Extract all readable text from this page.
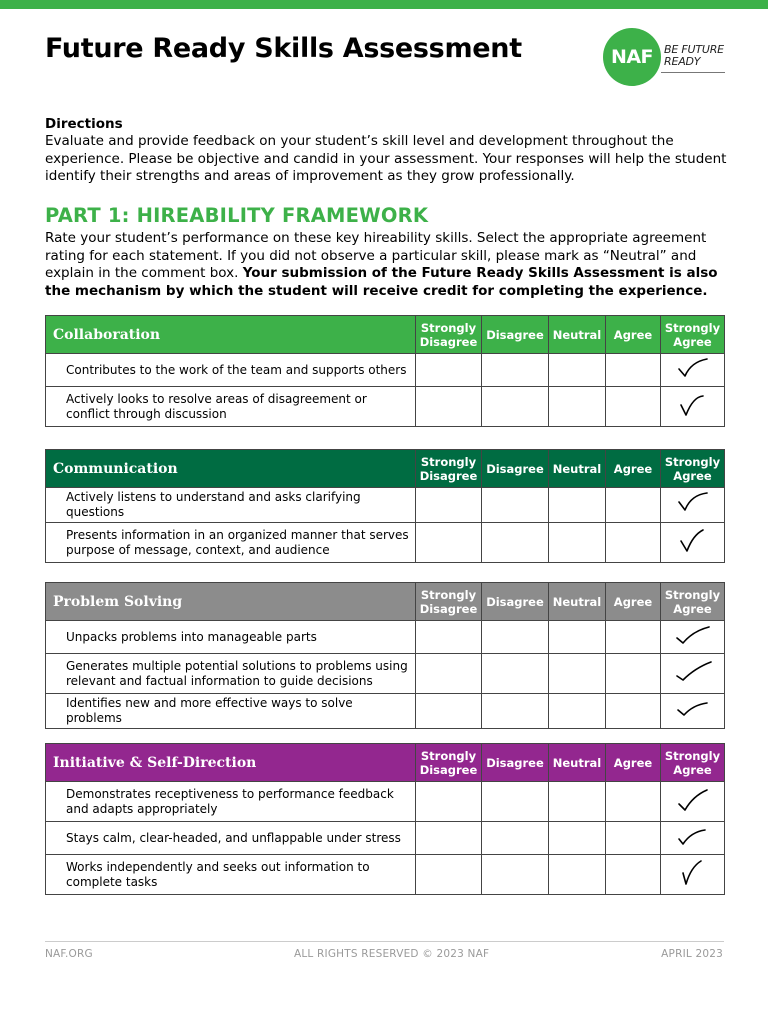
Future Ready Skills Assessment	NAF BE FUTURE
READY
Directions
Evaluate and provide feedback on your student’s skill level and development throughout the experience. Please be objective and candid in your assessment. Your responses will help the student identify their strengths and areas of improvement as they grow professionally.
PART 1: HIREABILITY FRAMEWORK
Rate your student’s performance on these key hireability skills. Select the appropriate agreement rating for each statement. If you did not observe a particular skill, please mark as “Neutral” and explain in the comment box. Your submission of the Future Ready Skills Assessment is also the mechanism by which the student will receive credit for completing the experience.
Collaboration	Strongly Disagree	Disagree	Neutral	Agree	Strongly Agree
Contributes to the work of the team and supports others					
Actively looks to resolve areas of disagreement or conflict through discussion					
Communication	Strongly Disagree	Disagree	Neutral	Agree	Strongly Agree
Actively listens to understand and asks clarifying questions					
Presents information in an organized manner that serves purpose of message, context, and audience					
Problem Solving	Strongly Disagree	Disagree	Neutral	Agree	Strongly Agree
Unpacks problems into manageable parts					
Generates multiple potential solutions to problems using relevant and factual information to guide decisions					
Identifies new and more effective ways to solve problems					
Initiative & Self-Direction	Strongly Disagree	Disagree	Neutral	Agree	Strongly Agree
Demonstrates receptiveness to performance feedback and adapts appropriately					
Stays calm, clear-headed, and unflappable under stress					
Works independently and seeks out information to complete tasks					
NAF.ORG	ALL RIGHTS RESERVED © 2023 NAF	APRIL 2023
